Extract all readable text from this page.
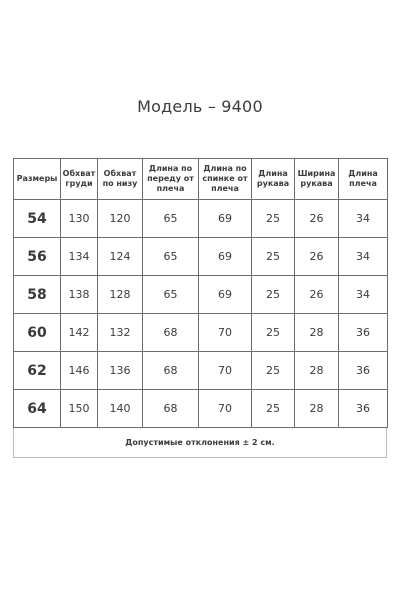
Модель – 9400
Размеры	Обхват груди	Обхват по низу	Длина по переду от плеча	Длина по спинке от плеча	Длина рукава	Ширина рукава	Длина плеча
54	130	120	65	69	25	26	34
56	134	124	65	69	25	26	34
58	138	128	65	69	25	26	34
60	142	132	68	70	25	28	36
62	146	136	68	70	25	28	36
64	150	140	68	70	25	28	36
Допустимые отклонения ± 2 см.
